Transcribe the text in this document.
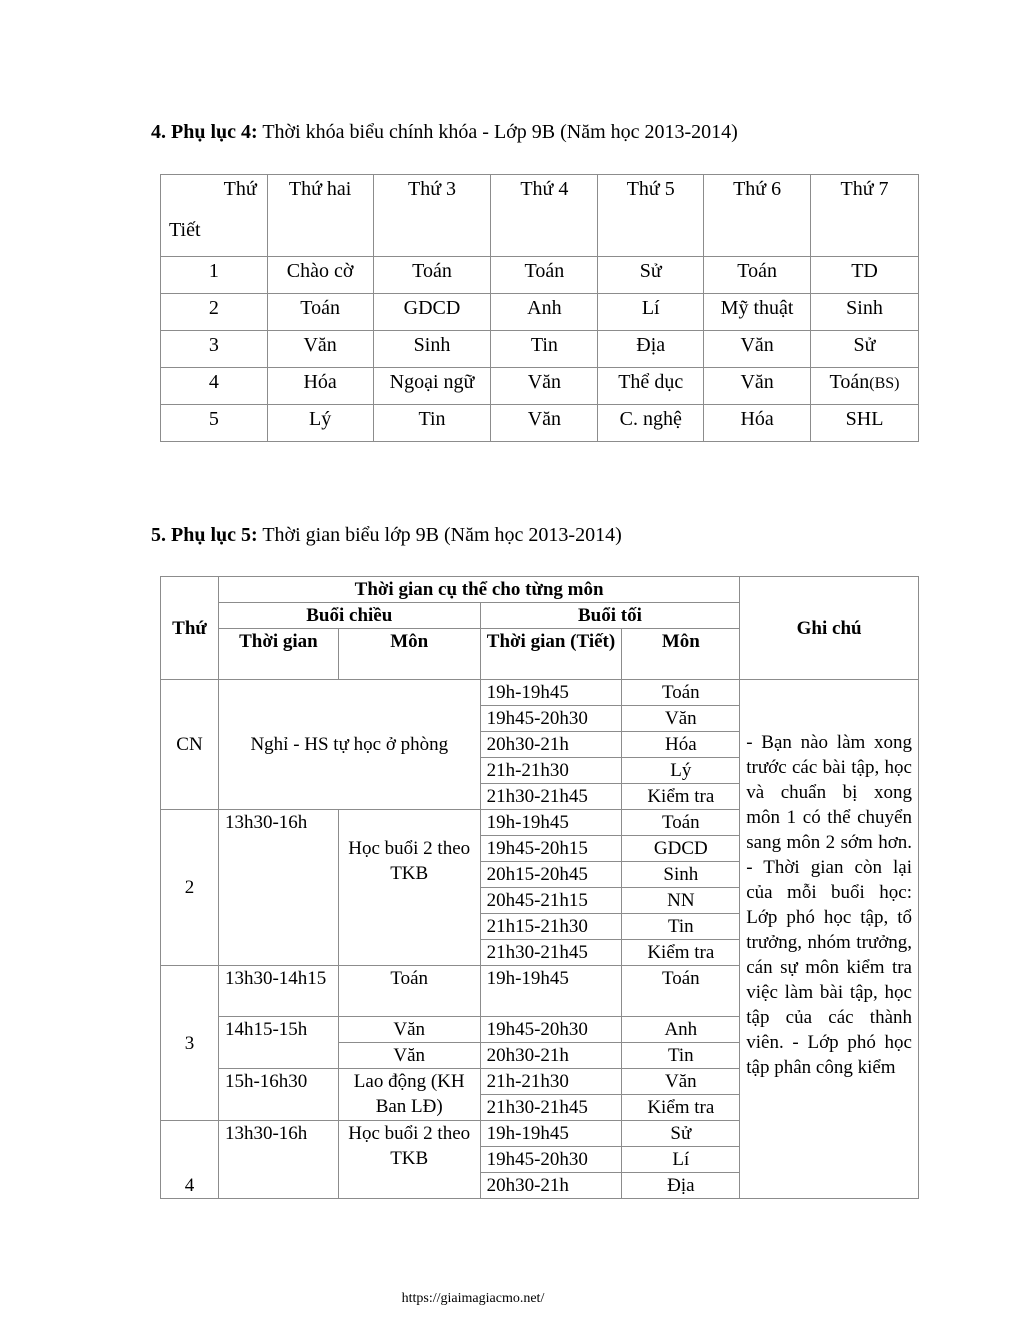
4. Phụ lục 4: Thời khóa biểu chính khóa - Lớp 9B (Năm học 2013-2014)
Thứ
Tiết	Thứ hai	Thứ 3	Thứ 4	Thứ 5	Thứ 6	Thứ 7
1	Chào cờ	Toán	Toán	Sử	Toán	TD
2	Toán	GDCD	Anh	Lí	Mỹ thuật	Sinh
3	Văn	Sinh	Tin	Địa	Văn	Sử
4	Hóa	Ngoại ngữ	Văn	Thể dục	Văn	Toán(BS)
5	Lý	Tin	Văn	C. nghệ	Hóa	SHL
5. Phụ lục 5: Thời gian biểu lớp 9B (Năm học 2013-2014)
Thứ	Thời gian cụ thể cho từng môn				Ghi chú
	Buổi chiều		Buổi tối		
	Thời gian	Môn	Thời gian (Tiết)	Môn	
CN	Nghỉ - HS tự học ở phòng		19h-19h45	Toán	- Bạn nào làm xong trước các bài tập, học và chuẩn bị xong môn 1 có thể chuyển sang môn 2 sớm hơn. - Thời gian còn lại của mỗi buổi học: Lớp phó học tập, tổ trưởng, nhóm trưởng, cán sự môn kiểm tra việc làm bài tập, học tập của các thành viên. - Lớp phó học tập phân công kiểm
			19h45-20h30	Văn	
			20h30-21h	Hóa	
			21h-21h30	Lý	
			21h30-21h45	Kiểm tra	
2	13h30-16h	Học buổi 2 theo TKB	19h-19h45	Toán	
			19h45-20h15	GDCD	
			20h15-20h45	Sinh	
			20h45-21h15	NN	
			21h15-21h30	Tin	
			21h30-21h45	Kiểm tra	
3	13h30-14h15	Toán	19h-19h45	Toán	
	14h15-15h	Văn	19h45-20h30	Anh	
		Văn	20h30-21h	Tin	
	15h-16h30	Lao động (KH Ban LĐ)	21h-21h30	Văn	
			21h30-21h45	Kiểm tra	
4	13h30-16h	Học buổi 2 theo TKB	19h-19h45	Sử	
			19h45-20h30	Lí	
			20h30-21h	Địa	
https://giaimagiacmo.net/
